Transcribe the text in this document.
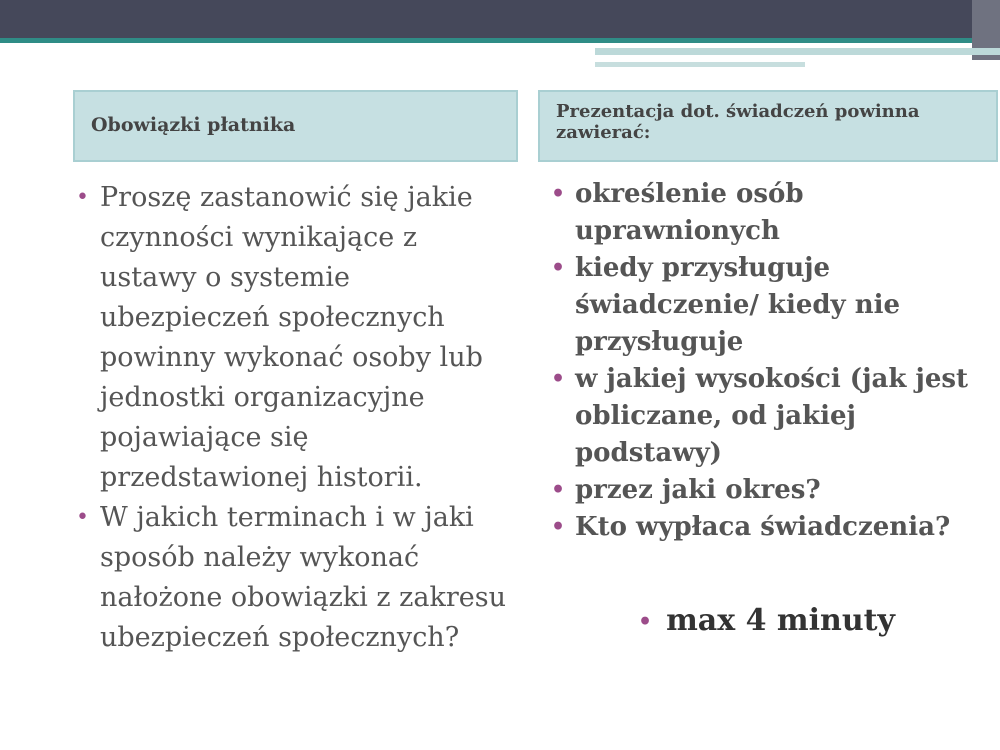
Obowiązki płatnika
Prezentacja dot. świadczeń powinna zawierać:
• Proszę zastanowić się jakie czynności wynikające z ustawy o systemie ubezpieczeń społecznych powinny wykonać osoby lub jednostki organizacyjne pojawiające się przedstawionej historii.
• W jakich terminach i w jaki sposób należy wykonać nałożone obowiązki z zakresu ubezpieczeń społecznych?
• określenie osób uprawnionych
• kiedy przysługuje świadczenie/ kiedy nie przysługuje
• w jakiej wysokości (jak jest obliczane, od jakiej podstawy)
• przez jaki okres?
• Kto wypłaca świadczenia?
• max 4 minuty
